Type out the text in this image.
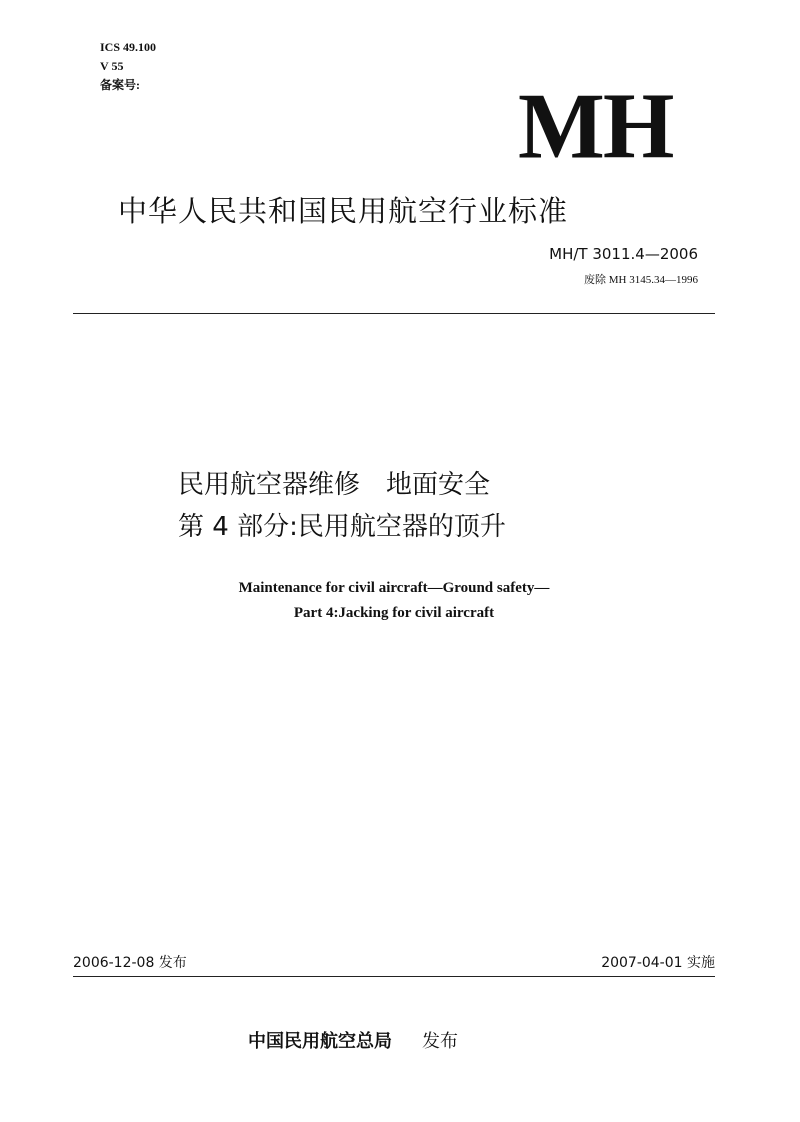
ICS 49.100
V 55
备案号:	MH
中华人民共和国民用航空行业标准
MH/T 3011.4—2006
废除 MH 3145.34—1996
民用航空器维修　地面安全
第 4 部分:民用航空器的顶升
Maintenance for civil aircraft—Ground safety—
Part 4:Jacking for civil aircraft
2006-12-08 发布	2007-04-01 实施
中国民用航空总局 发布
